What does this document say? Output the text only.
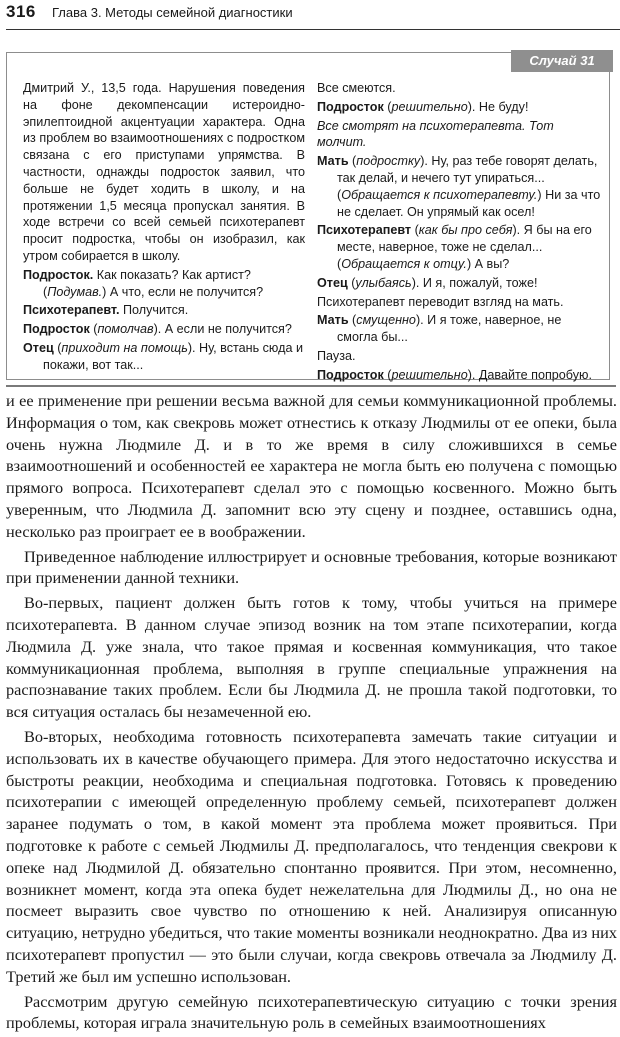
316 Глава 3. Методы семейной диагностики
Случай 31

Дмитрий У., 13,5 года. Нарушения поведения на фоне декомпенсации истероидно-эпилептоидной акцентуации характера. Одна из проблем во взаимоотношениях с подростком связана с его приступами упрямства. В частности, однажды подросток заявил, что больше не будет ходить в школу, и на протяжении 1,5 месяца пропускал занятия. В ходе встречи со всей семьей психотерапевт просит подростка, чтобы он изобразил, как утром собирается в школу.

Подросток. Как показать? Как артист? (Подумав.) А что, если не получится?

Психотерапевт. Получится.

Подросток (помолчав). А если не получится?

Отец (приходит на помощь). Ну, встань сюда и покажи, вот так...

Все смеются.

Подросток (решительно). Не буду!

Все смотрят на психотерапевта. Тот молчит.

Мать (подростку). Ну, раз тебе говорят делать, так делай, и нечего тут упираться... (Обращается к психотерапевту.) Ни за что не сделает. Он упрямый как осел!

Психотерапевт (как бы про себя). Я бы на его месте, наверное, тоже не сделал... (Обращается к отцу.) А вы?

Отец (улыбаясь). И я, пожалуй, тоже!

Психотерапевт переводит взгляд на мать.

Мать (смущенно). И я тоже, наверное, не смогла бы...

Пауза.

Подросток (решительно). Давайте попробую.

и ее применение при решении весьма важной для семьи коммуникационной проблемы. Информация о том, как свекровь может отнестись к отказу Людмилы от ее опеки, была очень нужна Людмиле Д. и в то же время в силу сложившихся в семье взаимоотношений и особенностей ее характера не могла быть ею получена с помощью прямого вопроса. Психотерапевт сделал это с помощью косвенного. Можно быть уверенным, что Людмила Д. запомнит всю эту сцену и позднее, оставшись одна, несколько раз проиграет ее в воображении.

Приведенное наблюдение иллюстрирует и основные требования, которые возникают при применении данной техники.

Во-первых, пациент должен быть готов к тому, чтобы учиться на примере психотерапевта. В данном случае эпизод возник на том этапе психотерапии, когда Людмила Д. уже знала, что такое прямая и косвенная коммуникация, что такое коммуникационная проблема, выполняя в группе специальные упражнения на распознавание таких проблем. Если бы Людмила Д. не прошла такой подготовки, то вся ситуация осталась бы незамеченной ею.

Во-вторых, необходима готовность психотерапевта замечать такие ситуации и использовать их в качестве обучающего примера. Для этого недостаточно искусства и быстроты реакции, необходима и специальная подготовка. Готовясь к проведению психотерапии с имеющей определенную проблему семьей, психотерапевт должен заранее подумать о том, в какой момент эта проблема может проявиться. При подготовке к работе с семьей Людмилы Д. предполагалось, что тенденция свекрови к опеке над Людмилой Д. обязательно спонтанно проявится. При этом, несомненно, возникнет момент, когда эта опека будет нежелательна для Людмилы Д., но она не посмеет выразить свое чувство по отношению к ней. Анализируя описанную ситуацию, нетрудно убедиться, что такие моменты возникали неоднократно. Два из них психотерапевт пропустил — это были случаи, когда свекровь отвечала за Людмилу Д. Третий же был им успешно использован.

Рассмотрим другую семейную психотерапевтическую ситуацию с точки зрения проблемы, которая играла значительную роль в семейных взаимоотношениях
